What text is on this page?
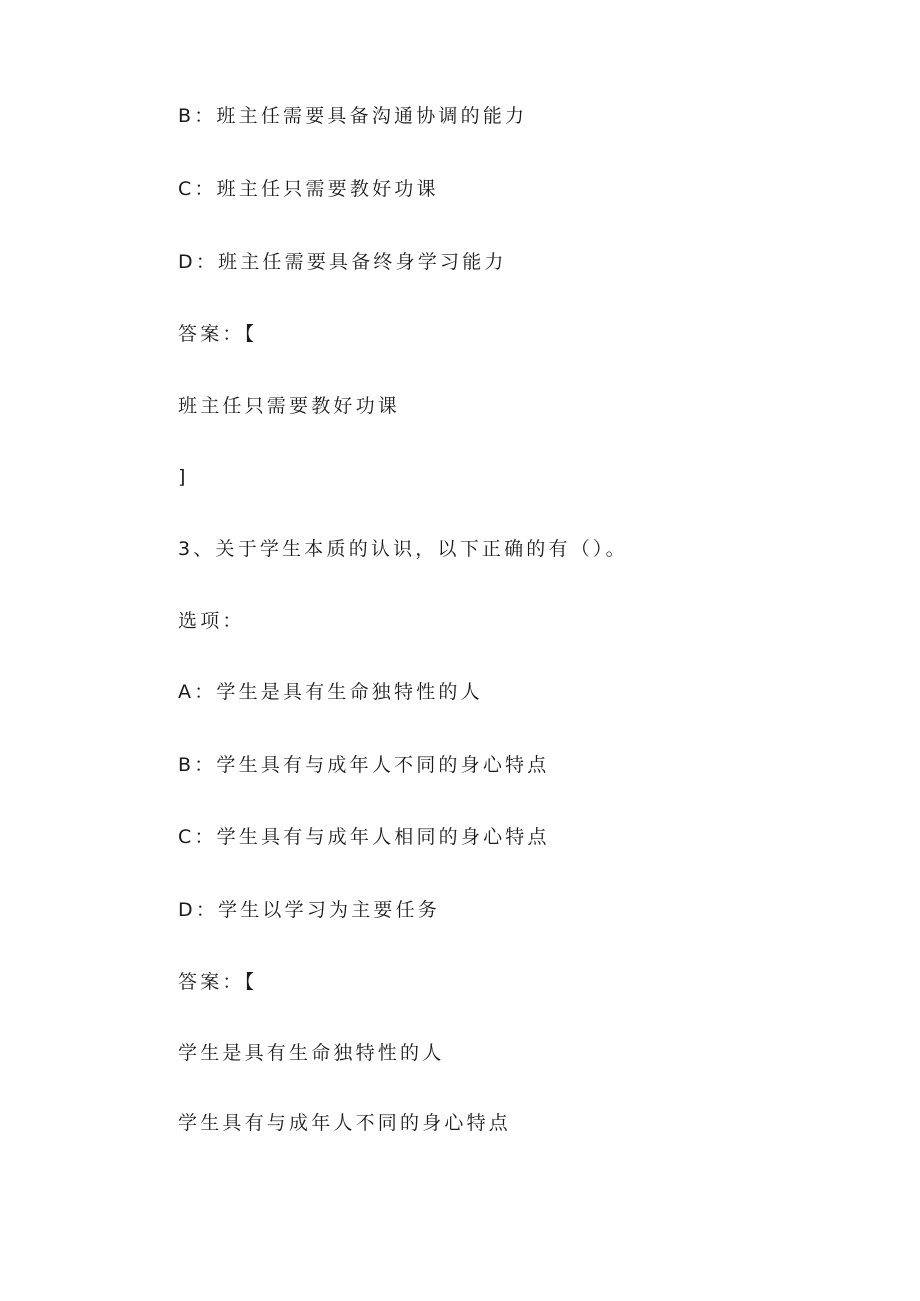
B：班主任需要具备沟通协调的能力
C：班主任只需要教好功课
D：班主任需要具备终身学习能力
答案：【
班主任只需要教好功课
]
3、关于学生本质的认识，以下正确的有（）。
选项：
A：学生是具有生命独特性的人
B：学生具有与成年人不同的身心特点
C：学生具有与成年人相同的身心特点
D：学生以学习为主要任务
答案：【
学生是具有生命独特性的人
学生具有与成年人不同的身心特点
